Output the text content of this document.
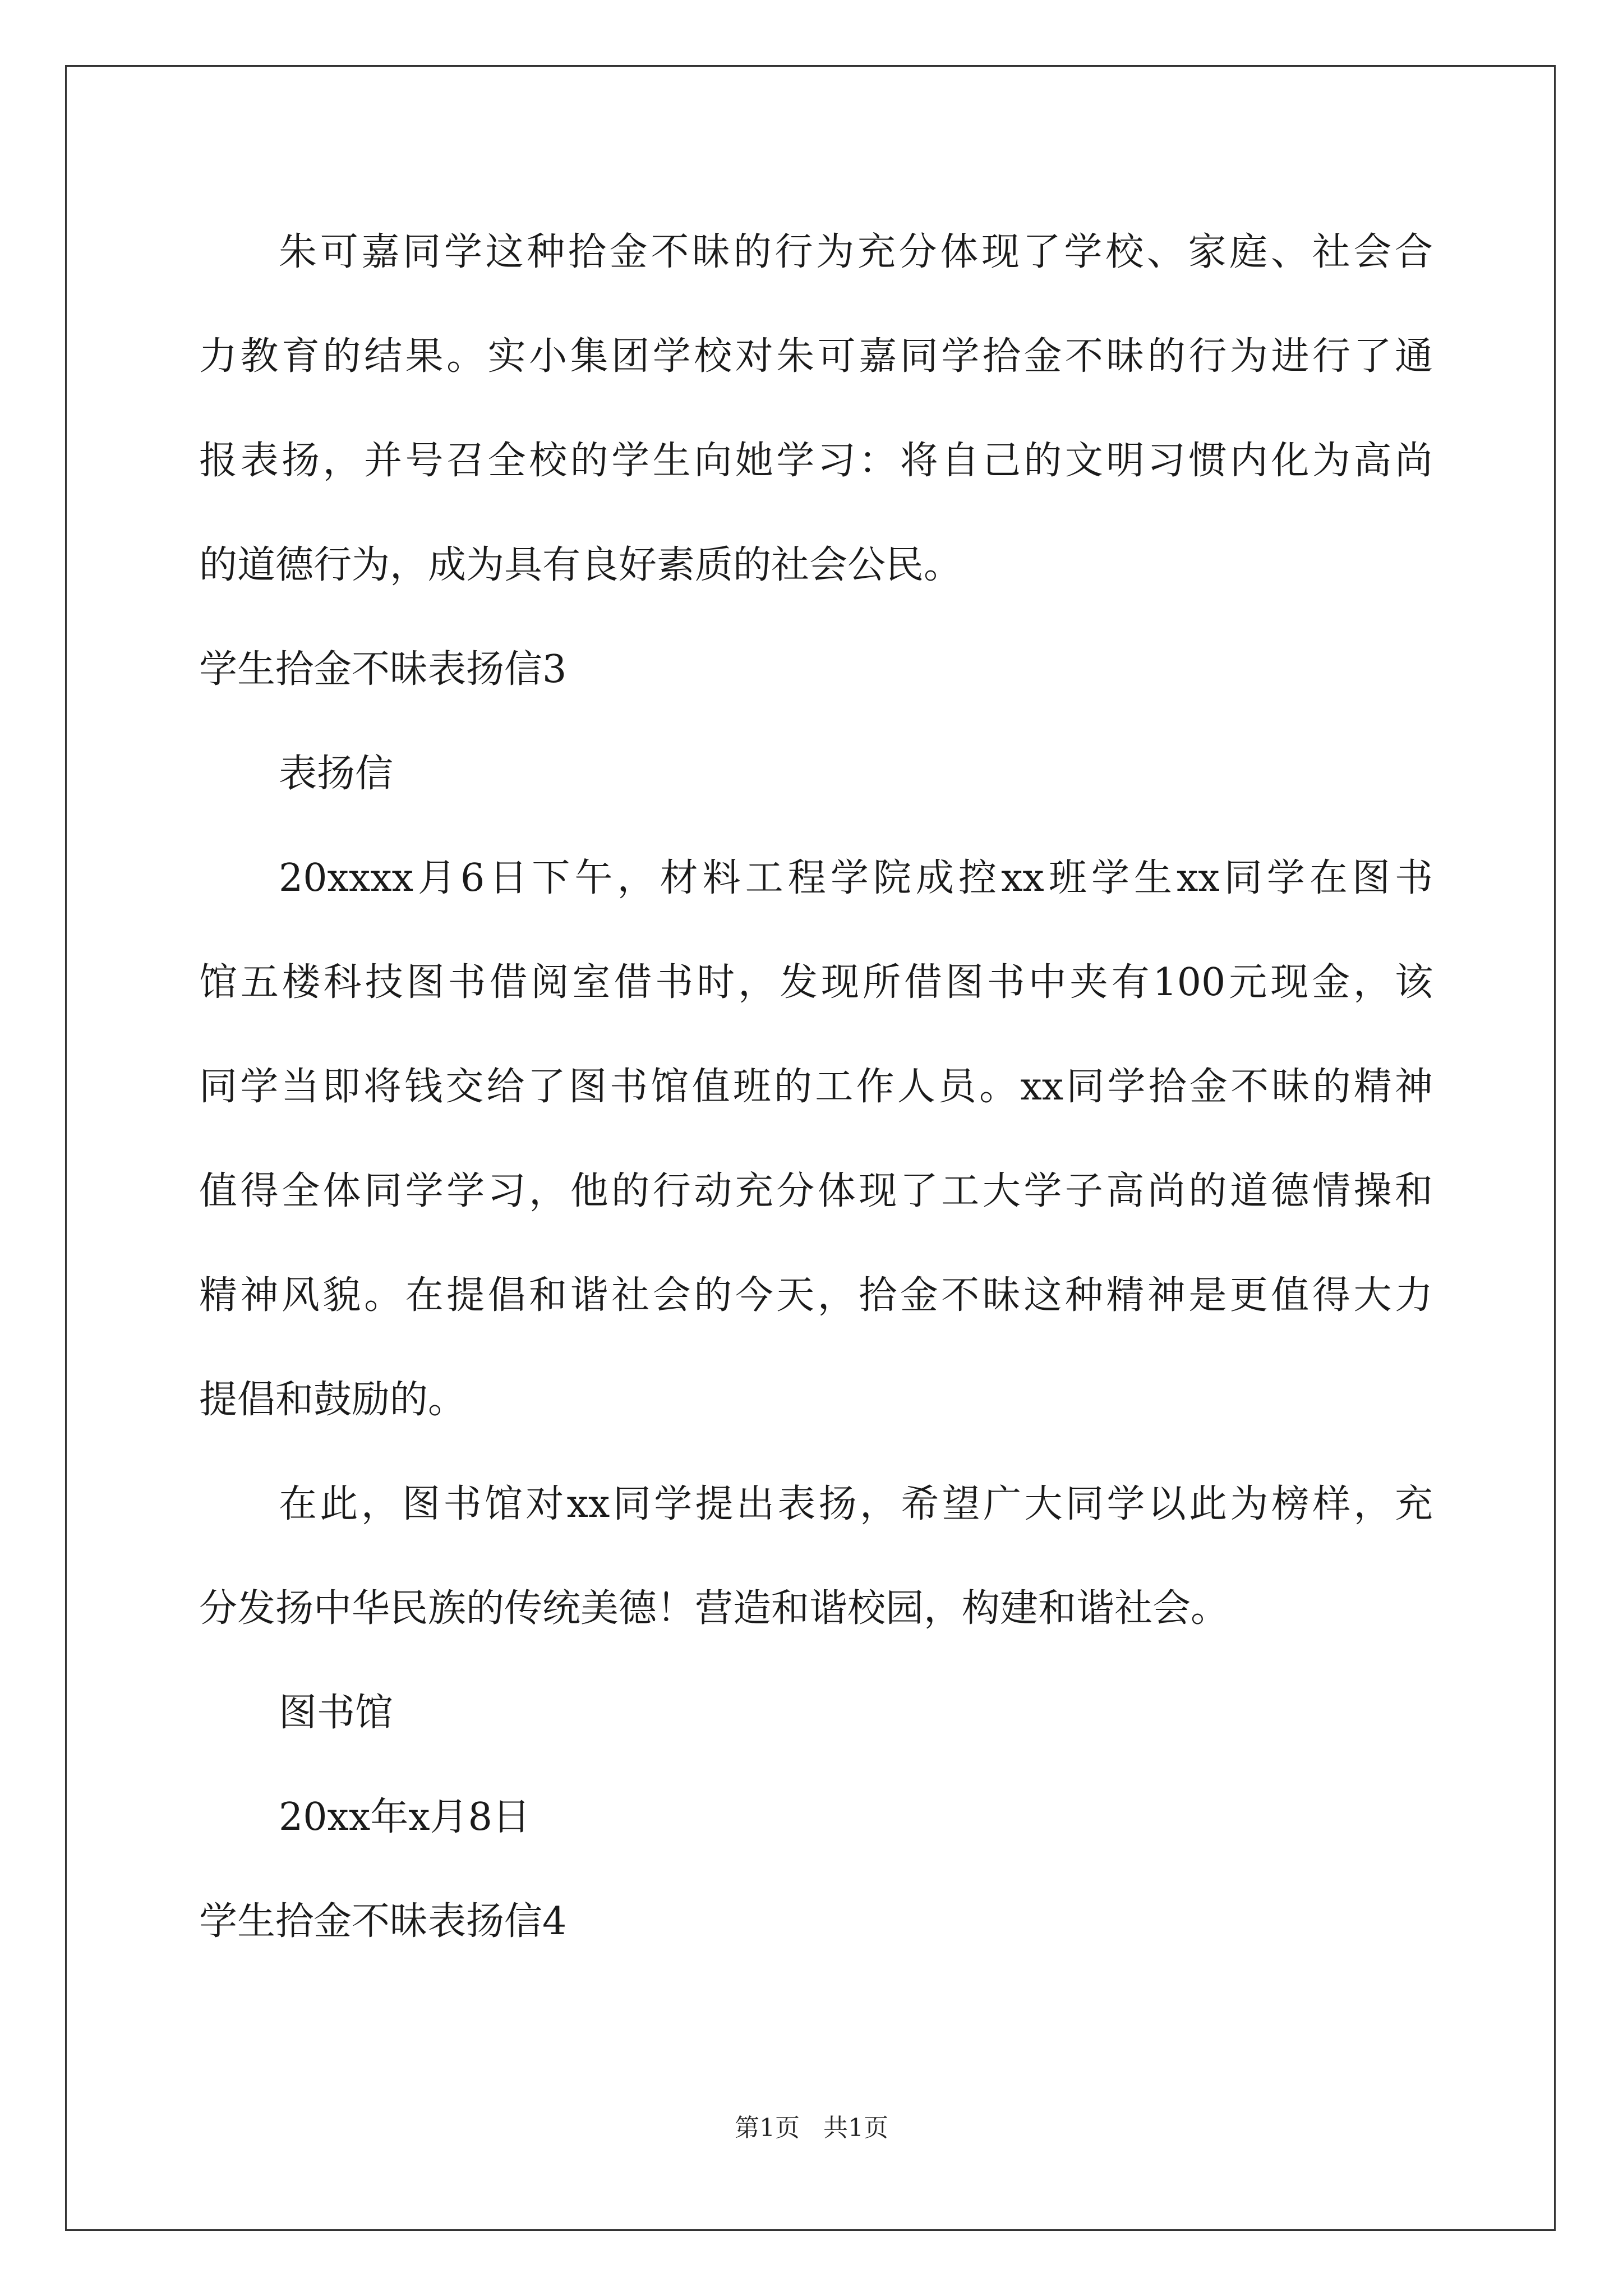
朱可嘉同学这种拾金不昧的行为充分体现了学校、家庭、社会合
力教育的结果。实小集团学校对朱可嘉同学拾金不昧的行为进行了通
报表扬，并号召全校的学生向她学习：将自己的文明习惯内化为高尚
的道德行为，成为具有良好素质的社会公民。
学生拾金不昧表扬信3
表扬信
20xxxx月6日下午，材料工程学院成控xx班学生xx同学在图书
馆五楼科技图书借阅室借书时，发现所借图书中夹有100元现金，该
同学当即将钱交给了图书馆值班的工作人员。xx同学拾金不昧的精神
值得全体同学学习，他的行动充分体现了工大学子高尚的道德情操和
精神风貌。在提倡和谐社会的今天，拾金不昧这种精神是更值得大力
提倡和鼓励的。
在此，图书馆对xx同学提出表扬，希望广大同学以此为榜样，充
分发扬中华民族的传统美德！营造和谐校园，构建和谐社会。
图书馆
20xx年x月8日
学生拾金不昧表扬信4
第1页 共1页
